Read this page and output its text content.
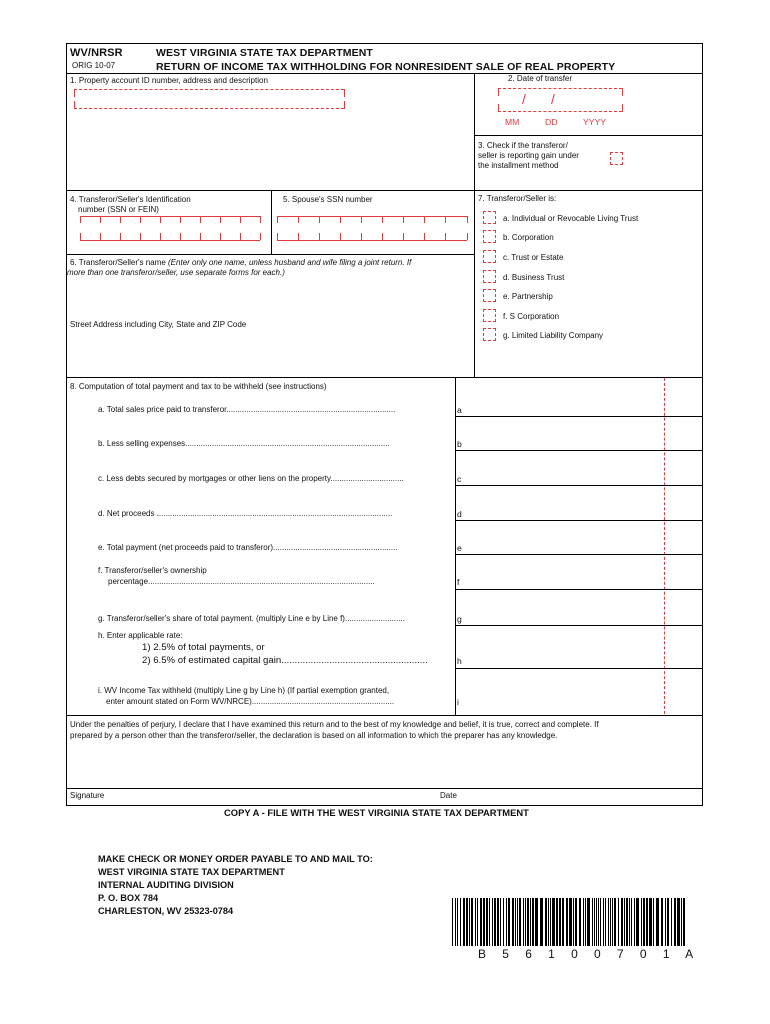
WV/NRSR
ORIG 10-07
WEST VIRGINIA STATE TAX DEPARTMENT
RETURN OF INCOME TAX WITHHOLDING FOR NONRESIDENT SALE OF REAL PROPERTY
1. Property account ID number, address and description	2. Date of transfer
/ /
MM	DD	YYYY
3. Check if the transferor/
seller is reporting gain under
the installment method
4. Transferor/Seller's Identification
number (SSN or FEIN)
5. Spouse's SSN number
6. Transferor/Seller's name (Enter only one name, unless husband and wife filing a joint return. If
more than one transferor/seller, use separate forms for each.)
Street Address including City, State and ZIP Code
7. Transferor/Seller is:
a. Individual or Revocable Living Trust
b. Corporation
c. Trust or Estate
d. Business Trust
e. Partnership
f. S Corporation
g. Limited Liability Company
8. Computation of total payment and tax to be withheld (see instructions)
a. Total sales price paid to transferor............................................................................	a
b. Less selling expenses............................................................................................	b
c. Less debts secured by mortgages or other liens on the property.................................	c
d. Net proceeds ..........................................................................................................	d
e. Total payment (net proceeds paid to transferor)........................................................	e
f. Transferor/seller's ownership
percentage......................................................................................................	f
g. Transferor/seller's share of total payment. (multiply Line e by Line f)...........................	g
h. Enter applicable rate:
1) 2.5% of total payments, or
2) 6.5% of estimated capital gain.......................................................	h
i. WV Income Tax withheld (multiply Line g by Line h) (If partial exemption granted,
enter amount stated on Form WV/NRCE)................................................................	i
Under the penalties of perjury, I declare that I have examined this return and to the best of my knowledge and belief, it is true, correct and complete. If
prepared by a person other than the transferor/seller, the declaration is based on all information to which the preparer has any knowledge.
Signature	Date
COPY A - FILE WITH THE WEST VIRGINIA STATE TAX DEPARTMENT
MAKE CHECK OR MONEY ORDER PAYABLE TO AND MAIL TO:
WEST VIRGINIA STATE TAX DEPARTMENT
INTERNAL AUDITING DIVISION
P. O. BOX 784
CHARLESTON, WV 25323-0784
B  5  6  1  0  0  7  0  1  A
